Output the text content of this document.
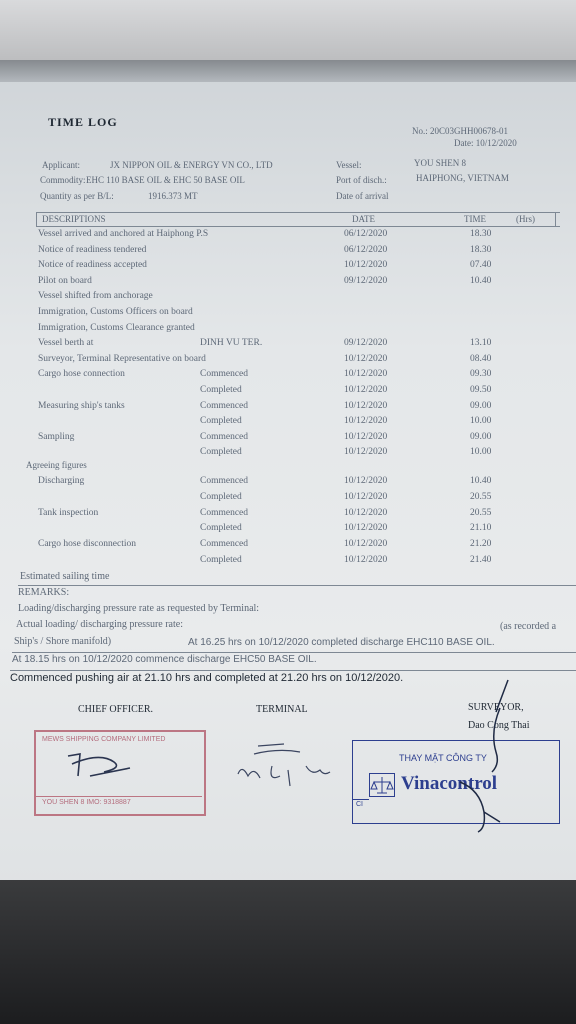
TIME LOG
No.: 20C03GHH00678-01
Date: 10/12/2020
Applicant:	JX NIPPON OIL & ENERGY VN CO., LTD	Vessel:	YOU SHEN 8
Commodity: EHC 110 BASE OIL & EHC 50 BASE OIL	Port of disch.:	HAIPHONG, VIETNAM
Quantity as per B/L:	1916.373 MT	Date of arrival
DESCRIPTIONS	DATE	TIME	(Hrs)
Vessel arrived and anchored at Haiphong P.S	06/12/2020	18.30
Notice of readiness tendered	06/12/2020	18.30
Notice of readiness accepted	10/12/2020	07.40
Pilot on board	09/12/2020	10.40
Vessel shifted from anchorage
Immigration, Customs Officers on board
Immigration, Customs Clearance granted
Vessel berth at	DINH VU TER.	09/12/2020	13.10
Surveyor, Terminal Representative on board	10/12/2020	08.40
Cargo hose connection	Commenced	10/12/2020	09.30
Completed	10/12/2020	09.50
Measuring ship's tanks	Commenced	10/12/2020	09.00
Completed	10/12/2020	10.00
Sampling	Commenced	10/12/2020	09.00
Completed	10/12/2020	10.00
Agreeing figures
Discharging	Commenced	10/12/2020	10.40
Completed	10/12/2020	20.55
Tank inspection	Commenced	10/12/2020	20.55
Completed	10/12/2020	21.10
Cargo hose disconnection	Commenced	10/12/2020	21.20
Completed	10/12/2020	21.40
Estimated sailing time
REMARKS:
Loading/discharging pressure rate as requested by Terminal:
Actual loading/ discharging pressure rate:	(as recorded a
Ship's / Shore manifold)	At 16.25 hrs on 10/12/2020 completed discharge EHC110 BASE OIL.
At 18.15 hrs on 10/12/2020 commence discharge EHC50 BASE OIL.
Commenced pushing air at 21.10 hrs and completed at 21.20 hrs on 10/12/2020.
CHIEF OFFICER.	TERMINAL	SURVEYOR,
Dao Cong Thai
MEWS SHIPPING COMPANY LIMITED
YOU SHEN 8 IMO: 9318887
THAY MẶT CÔNG TY
Vinacontrol
CI
